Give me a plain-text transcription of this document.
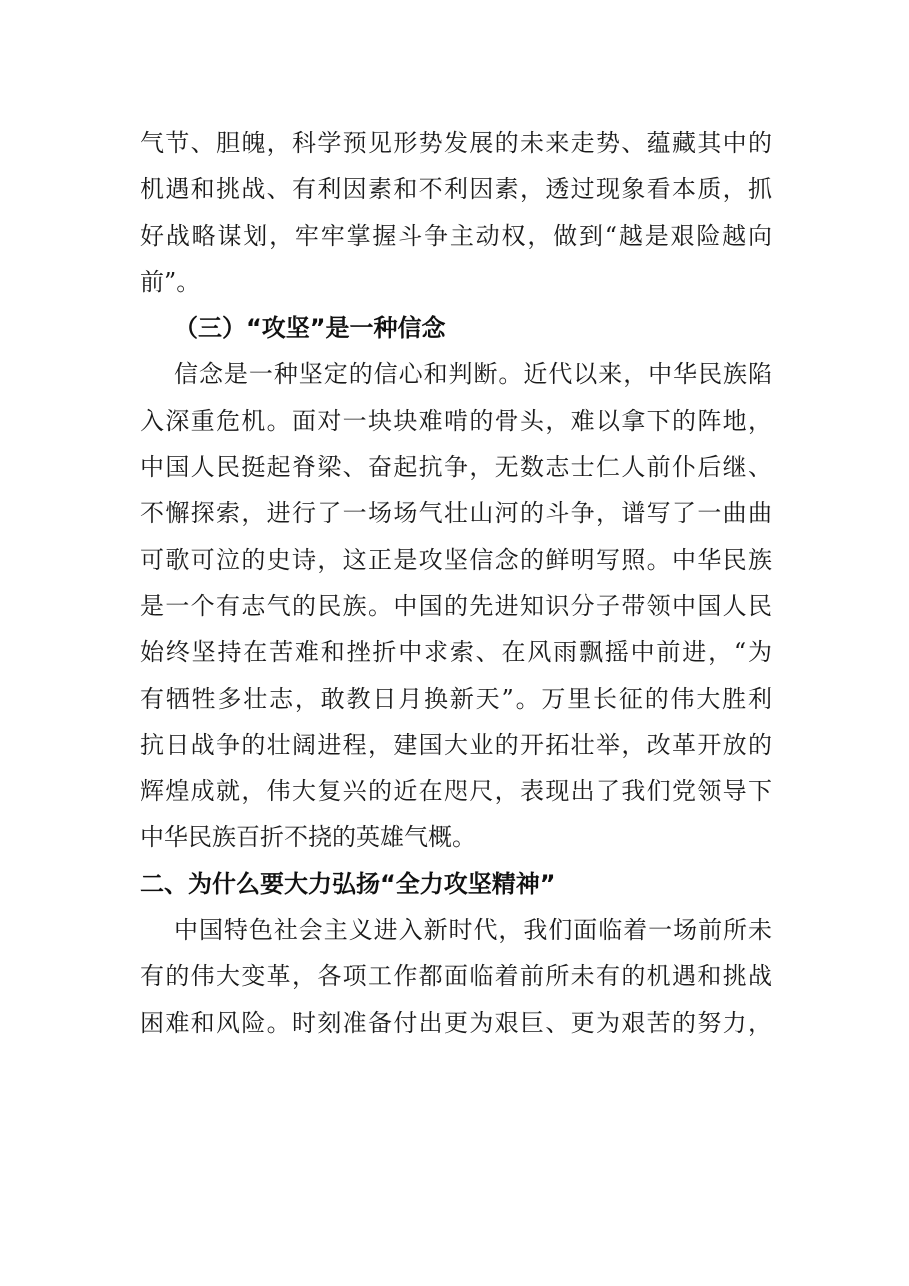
气节、胆魄，科学预见形势发展的未来走势、蕴藏其中的
机遇和挑战、有利因素和不利因素，透过现象看本质，抓
好战略谋划，牢牢掌握斗争主动权，做到“越是艰险越向
前”。
（三）“攻坚”是一种信念
信念是一种坚定的信心和判断。近代以来，中华民族陷
入深重危机。面对一块块难啃的骨头，难以拿下的阵地，
中国人民挺起脊梁、奋起抗争，无数志士仁人前仆后继、
不懈探索，进行了一场场气壮山河的斗争，谱写了一曲曲
可歌可泣的史诗，这正是攻坚信念的鲜明写照。中华民族
是一个有志气的民族。中国的先进知识分子带领中国人民
始终坚持在苦难和挫折中求索、在风雨飘摇中前进，“为
有牺牲多壮志，敢教日月换新天”。万里长征的伟大胜利
抗日战争的壮阔进程，建国大业的开拓壮举，改革开放的
辉煌成就，伟大复兴的近在咫尺，表现出了我们党领导下
中华民族百折不挠的英雄气概。
二、为什么要大力弘扬“全力攻坚精神”
中国特色社会主义进入新时代，我们面临着一场前所未
有的伟大变革，各项工作都面临着前所未有的机遇和挑战
困难和风险。时刻准备付出更为艰巨、更为艰苦的努力，
